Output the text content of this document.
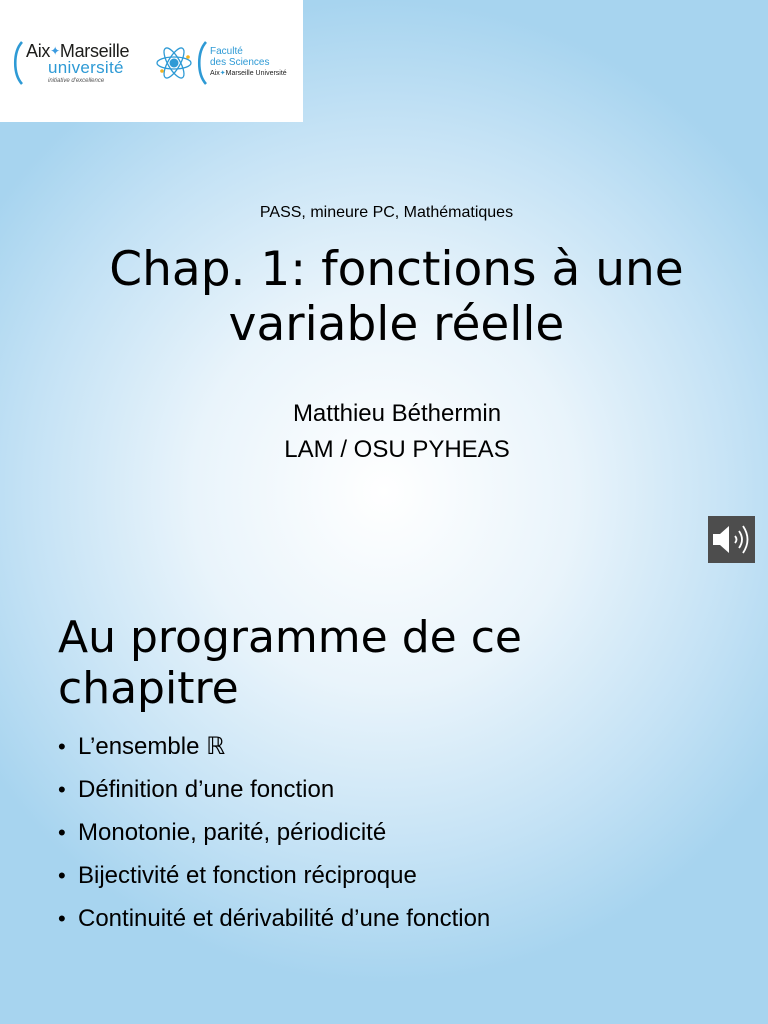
Aix✦Marseille
université
initiative d'excellence
Faculté
des Sciences
Aix✦Marseille Université
PASS, mineure PC, Mathématiques
Chap. 1: fonctions à une
variable réelle
Matthieu Béthermin
LAM / OSU PYHEAS
Au programme de ce
chapitre
• L’ensemble ℝ
• Définition d’une fonction
• Monotonie, parité, périodicité
• Bijectivité et fonction réciproque
• Continuité et dérivabilité d’une fonction
